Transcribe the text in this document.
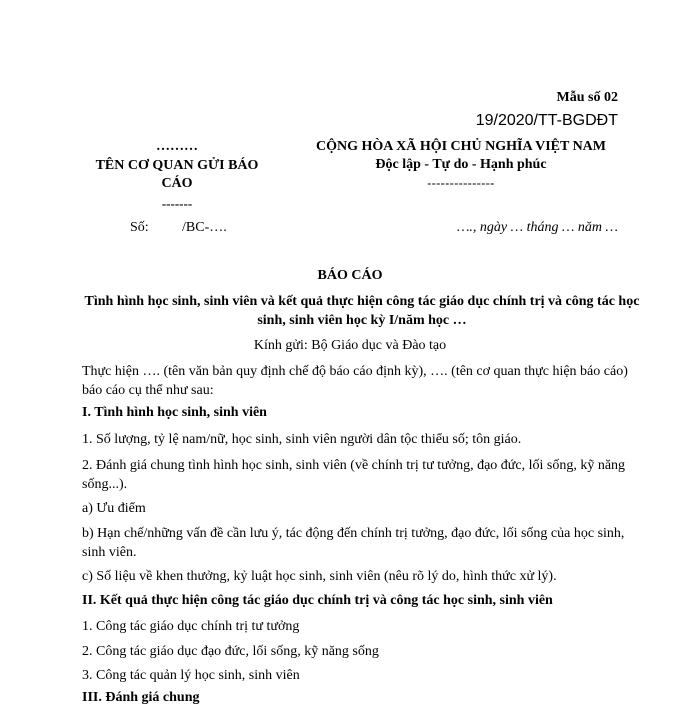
Mẫu số 02
19/2020/TT-BGDĐT
………
TÊN CƠ QUAN GỬI BÁO CÁO
-------
CỘNG HÒA XÃ HỘI CHỦ NGHĨA VIỆT NAM
Độc lập - Tự do - Hạnh phúc
---------------
Số: /BC-….	…., ngày … tháng … năm …
BÁO CÁO
Tình hình học sinh, sinh viên và kết quả thực hiện công tác giáo dục chính trị và công tác học sinh, sinh viên học kỳ I/năm học …
Kính gửi: Bộ Giáo dục và Đào tạo
Thực hiện …. (tên văn bản quy định chế độ báo cáo định kỳ), …. (tên cơ quan thực hiện báo cáo) báo cáo cụ thể như sau:
I. Tình hình học sinh, sinh viên
1. Số lượng, tỷ lệ nam/nữ, học sinh, sinh viên người dân tộc thiểu số; tôn giáo.
2. Đánh giá chung tình hình học sinh, sinh viên (về chính trị tư tưởng, đạo đức, lối sống, kỹ năng sống...).
a) Ưu điểm
b) Hạn chế/những vấn đề cần lưu ý, tác động đến chính trị tưởng, đạo đức, lối sống của học sinh, sinh viên.
c) Số liệu về khen thưởng, kỷ luật học sinh, sinh viên (nêu rõ lý do, hình thức xử lý).
II. Kết quả thực hiện công tác giáo dục chính trị và công tác học sinh, sinh viên
1. Công tác giáo dục chính trị tư tưởng
2. Công tác giáo dục đạo đức, lối sống, kỹ năng sống
3. Công tác quản lý học sinh, sinh viên
III. Đánh giá chung
